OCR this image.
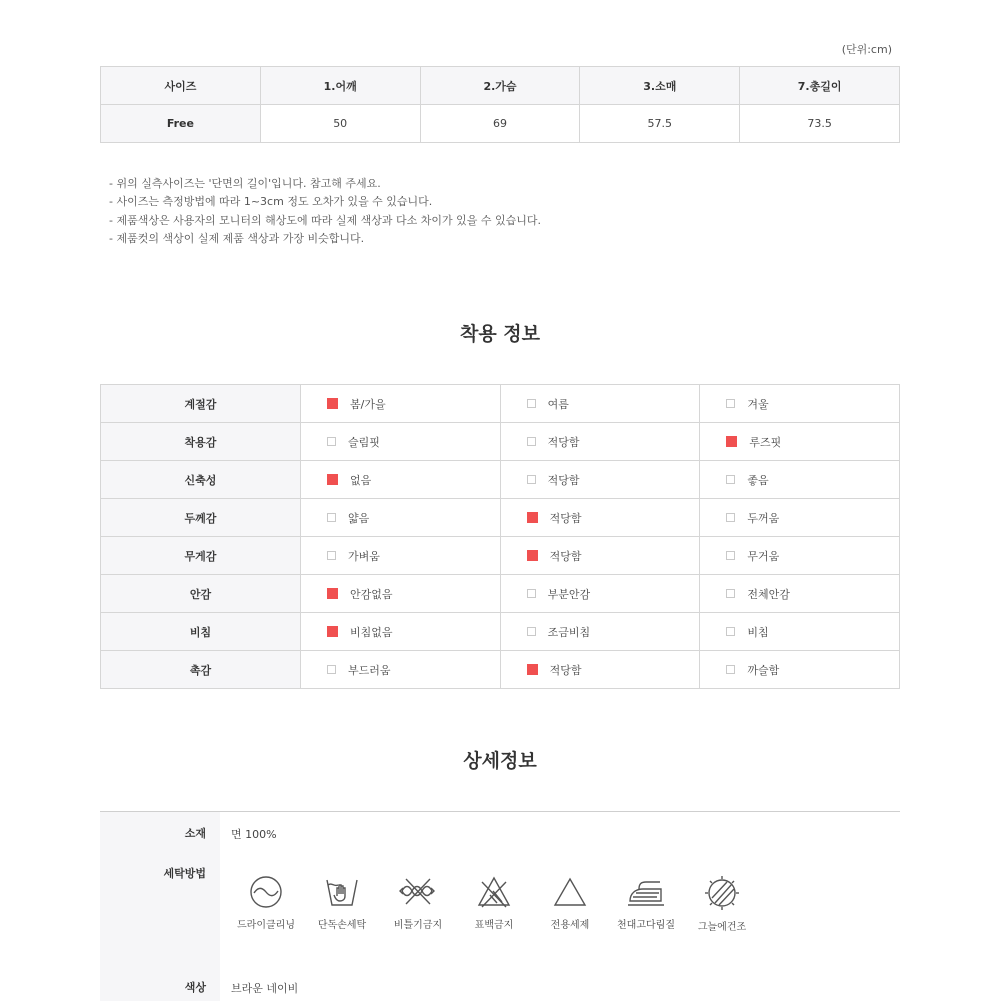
(단위:cm)
사이즈	1.어깨	2.가슴	3.소매	7.총길이
Free	50	69	57.5	73.5
- 위의 실측사이즈는 '단면의 길이'입니다. 참고해 주세요.
- 사이즈는 측정방법에 따라 1~3cm 정도 오차가 있을 수 있습니다.
- 제품색상은 사용자의 모니터의 해상도에 따라 실제 색상과 다소 차이가 있을 수 있습니다.
- 제품컷의 색상이 실제 제품 색상과 가장 비슷합니다.
착용 정보
계절감	봄/가을	여름	겨울
착용감	슬림핏	적당함	루즈핏
신축성	없음	적당함	좋음
두께감	얇음	적당함	두꺼움
무게감	가벼움	적당함	무거움
안감	안감없음	부분안감	전체안감
비침	비침없음	조금비침	비침
촉감	부드러움	적당함	까슬함
상세정보
소재 면 100%
세탁방법
드라이클리닝	단독손세탁	비틀기금지	표백금지	전용세제	천대고다림질	그늘에건조
색상 브라운 네이비
